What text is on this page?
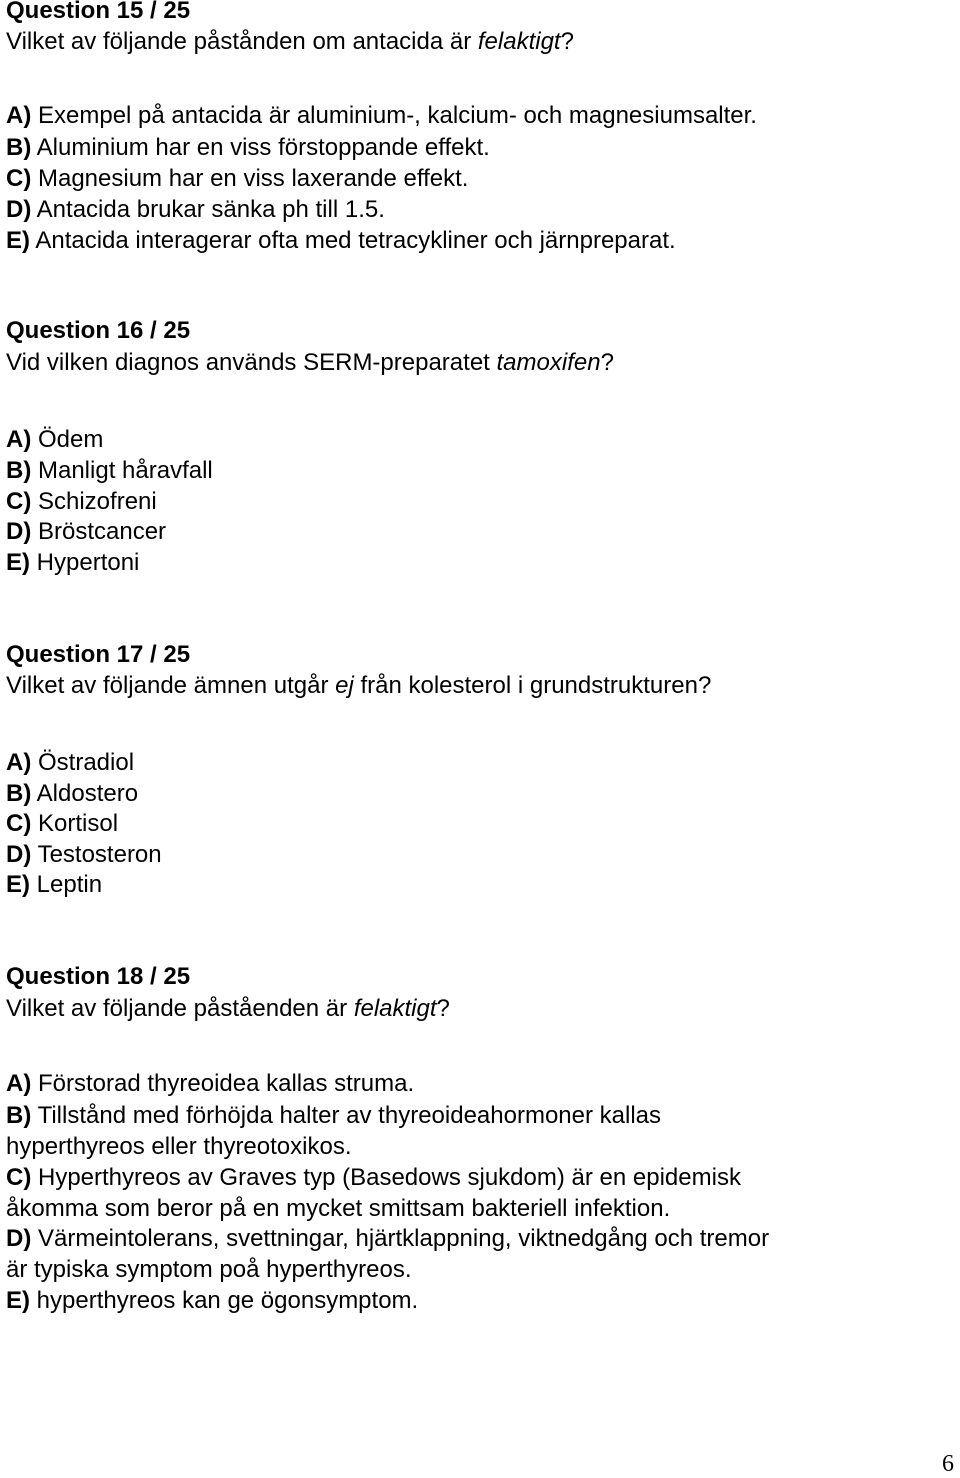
Question 15 / 25
Vilket av följande påstånden om antacida är felaktigt?
A) Exempel på antacida är aluminium-, kalcium- och magnesiumsalter.
B) Aluminium har en viss förstoppande effekt.
C) Magnesium har en viss laxerande effekt.
D) Antacida brukar sänka ph till 1.5.
E) Antacida interagerar ofta med tetracykliner och järnpreparat.
Question 16 / 25
Vid vilken diagnos används SERM-preparatet tamoxifen?
A) Ödem
B) Manligt håravfall
C) Schizofreni
D) Bröstcancer
E) Hypertoni
Question 17 / 25
Vilket av följande ämnen utgår ej från kolesterol i grundstrukturen?
A) Östradiol
B) Aldostero
C) Kortisol
D) Testosteron
E) Leptin
Question 18 / 25
Vilket av följande påståenden är felaktigt?
A) Förstorad thyreoidea kallas struma.
B) Tillstånd med förhöjda halter av thyreoideahormoner kallas
hyperthyreos eller thyreotoxikos.
C) Hyperthyreos av Graves typ (Basedows sjukdom) är en epidemisk
åkomma som beror på en mycket smittsam bakteriell infektion.
D) Värmeintolerans, svettningar, hjärtklappning, viktnedgång och tremor
är typiska symptom poå hyperthyreos.
E) hyperthyreos kan ge ögonsymptom.
6
